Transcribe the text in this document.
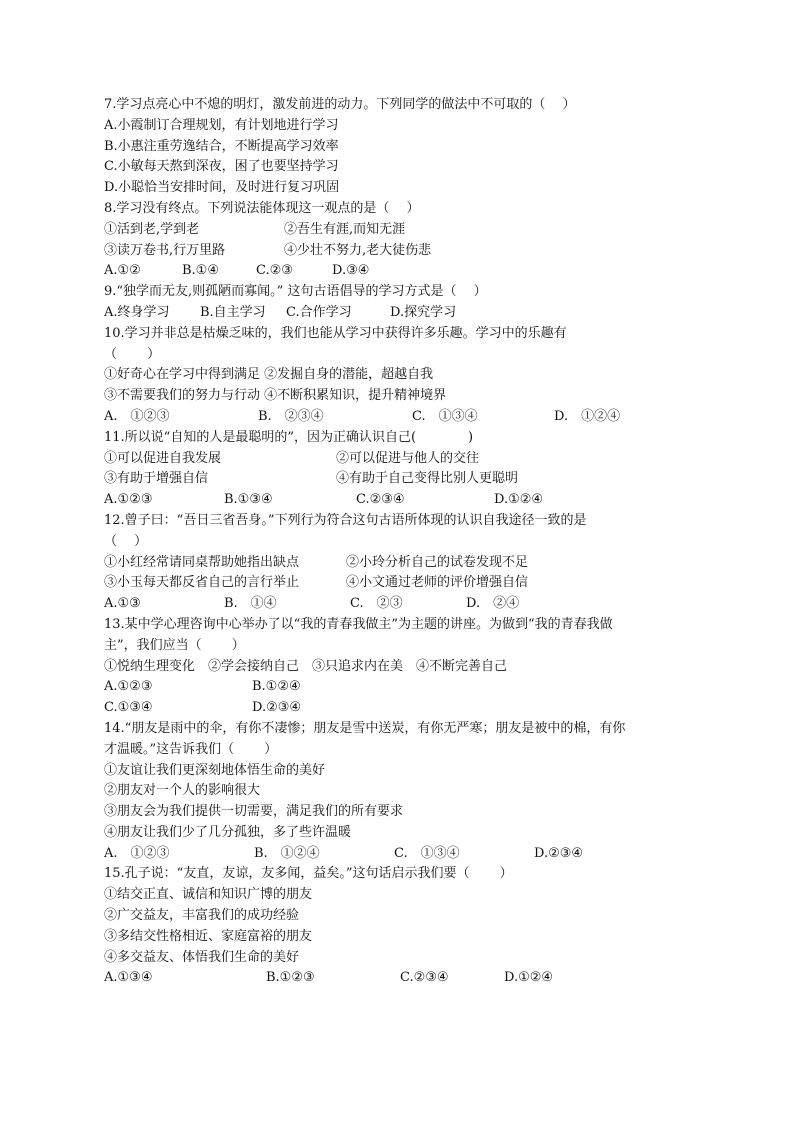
7.学习点亮心中不熄的明灯，激发前进的动力。下列同学的做法中不可取的（　 ）
A.小霞制订合理规划，有计划地进行学习
B.小惠注重劳逸结合，不断提高学习效率
C.小敏每天熬到深夜，困了也要坚持学习
D.小聪恰当安排时间，及时进行复习巩固
8.学习没有终点。下列说法能体现这一观点的是（　 ）
①活到老,学到老	②吾生有涯,而知无涯
③读万卷书,行万里路	④少壮不努力,老大徒伤悲
A.①②	B.①④	C.②③	D.③④
9.“独学而无友,则孤陋而寡闻。” 这句古语倡导的学习方式是（　 ）
A.终身学习 B.自主学习 C.合作学习	D.探究学习
10.学习并非总是枯燥乏味的，我们也能从学习中获得许多乐趣。学习中的乐趣有
（　　 ）
①好奇心在学习中得到满足 ②发掘自身的潜能，超越自我
③不需要我们的努力与行动 ④不断积累知识，提升精神境界
A.　①②③	B.　②③④	C.　①③④	D.　①②④
11.所以说“自知的人是最聪明的”，因为正确认识自己(　　　　)
①可以促进自我发展	②可以促进与他人的交往
③有助于增强自信	④有助于自己变得比别人更聪明
A.①②③	B.①③④	C.②③④	D.①②④
12.曾子曰：“吾日三省吾身。”下列行为符合这句古语所体现的认识自我途径一致的是
（　 ）
①小红经常请同桌帮助她指出缺点	②小玲分析自己的试卷发现不足
③小玉每天都反省自己的言行举止	④小文通过老师的评价增强自信
A.①③	B.　①④	C.　②③	D.　②④
13.某中学心理咨询中心举办了以“我的青春我做主”为主题的讲座。为做到“我的青春我做
主”，我们应当（　　 ）
①悦纳生理变化　②学会接纳自己　③只追求内在美　④不断完善自己
A.①②③	B.①②④
C.①③④	D.②③④
14.“朋友是雨中的伞，有你不凄惨；朋友是雪中送炭，有你无严寒；朋友是被中的棉，有你
才温暖。”这告诉我们（　　 ）
①友谊让我们更深刻地体悟生命的美好
②朋友对一个人的影响很大
③朋友会为我们提供一切需要，满足我们的所有要求
④朋友让我们少了几分孤独，多了些许温暖
A.　①②③	B.　①②④	C.　①③④	D.②③④
15.孔子说：“友直，友谅，友多闻，益矣。”这句话启示我们要（　　 ）
①结交正直、诚信和知识广博的朋友
②广交益友，丰富我们的成功经验
③多结交性格相近、家庭富裕的朋友
④多交益友、体悟我们生命的美好
A.①③④	B.①②③	C.②③④	D.①②④
